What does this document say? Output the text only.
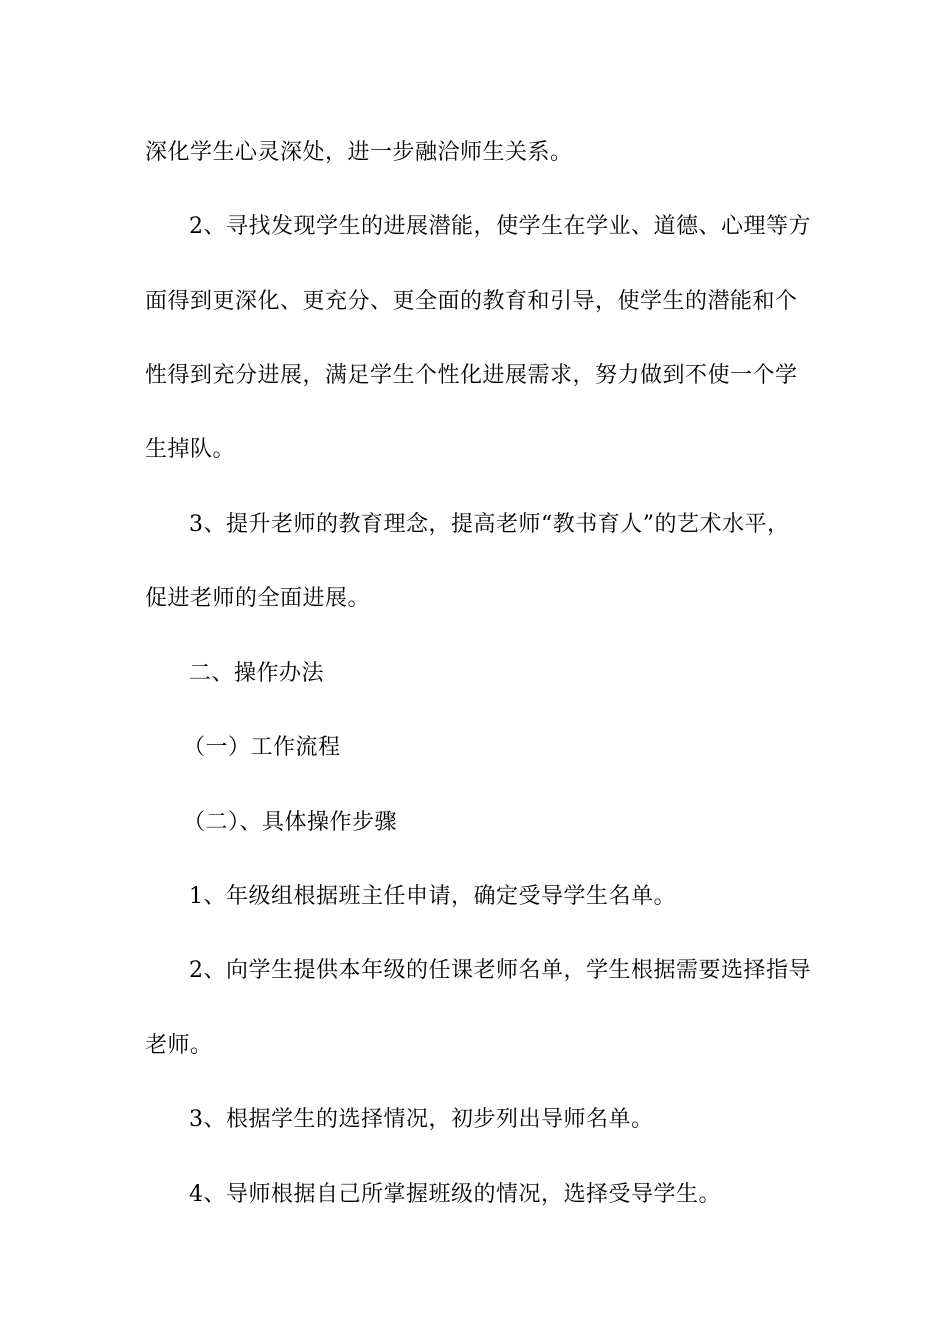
深化学生心灵深处，进一步融洽师生关系。
2、寻找发现学生的进展潜能，使学生在学业、道德、心理等方
面得到更深化、更充分、更全面的教育和引导，使学生的潜能和个
性得到充分进展，满足学生个性化进展需求，努力做到不使一个学
生掉队。
3、提升老师的教育理念，提高老师“教书育人”的艺术水平，
促进老师的全面进展。
二、操作办法
（一）工作流程
（二）、具体操作步骤
1、年级组根据班主任申请，确定受导学生名单。
2、向学生提供本年级的任课老师名单，学生根据需要选择指导
老师。
3、根据学生的选择情况，初步列出导师名单。
4、导师根据自己所掌握班级的情况，选择受导学生。
